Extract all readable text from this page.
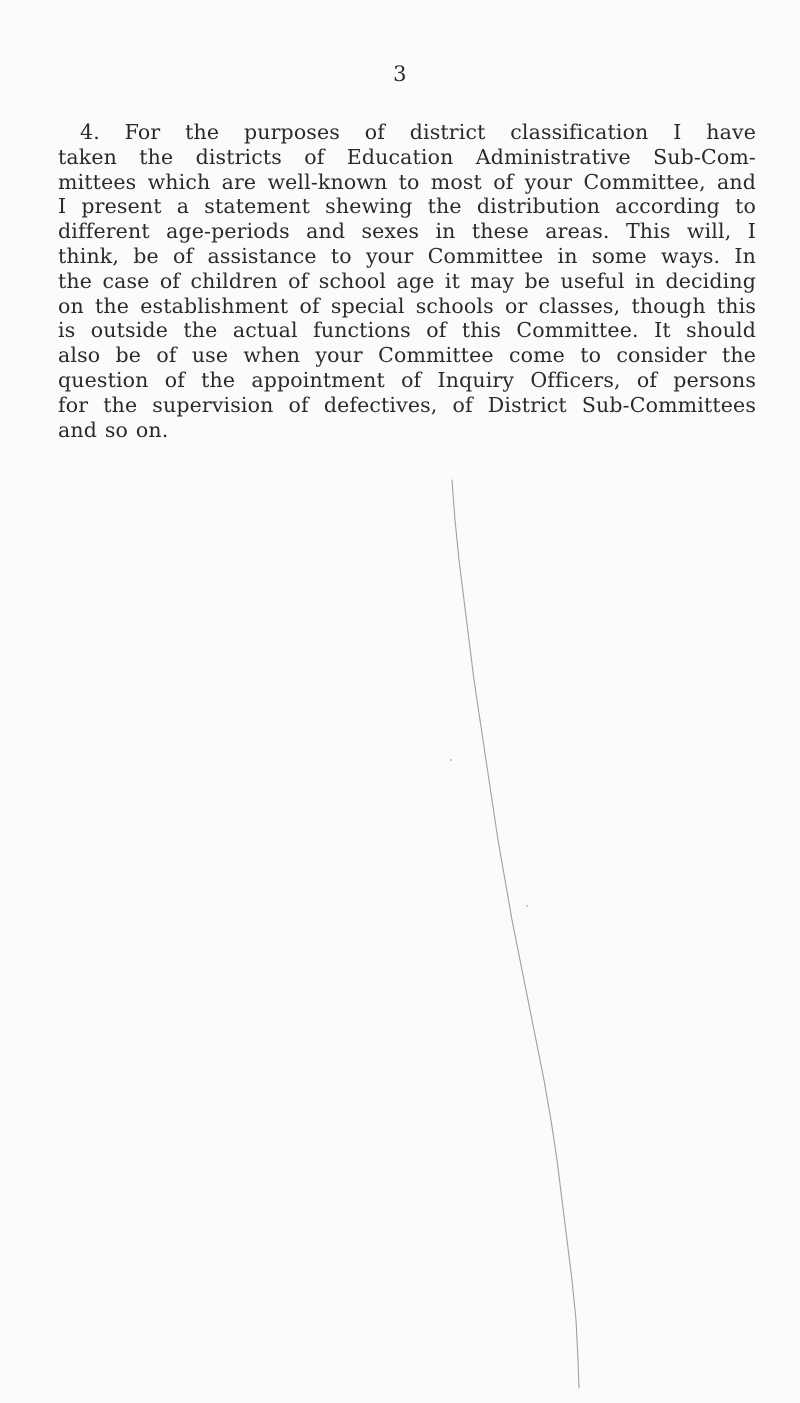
3
4. For the purposes of district classification I have
taken the districts of Education Administrative Sub-Com-
mittees which are well-known to most of your Committee, and
I present a statement shewing the distribution according to
different age-periods and sexes in these areas. This will, I
think, be of assistance to your Committee in some ways. In
the case of children of school age it may be useful in deciding
on the establishment of special schools or classes, though this
is outside the actual functions of this Committee. It should
also be of use when your Committee come to consider the
question of the appointment of Inquiry Officers, of persons
for the supervision of defectives, of District Sub-Committees
and so on.
